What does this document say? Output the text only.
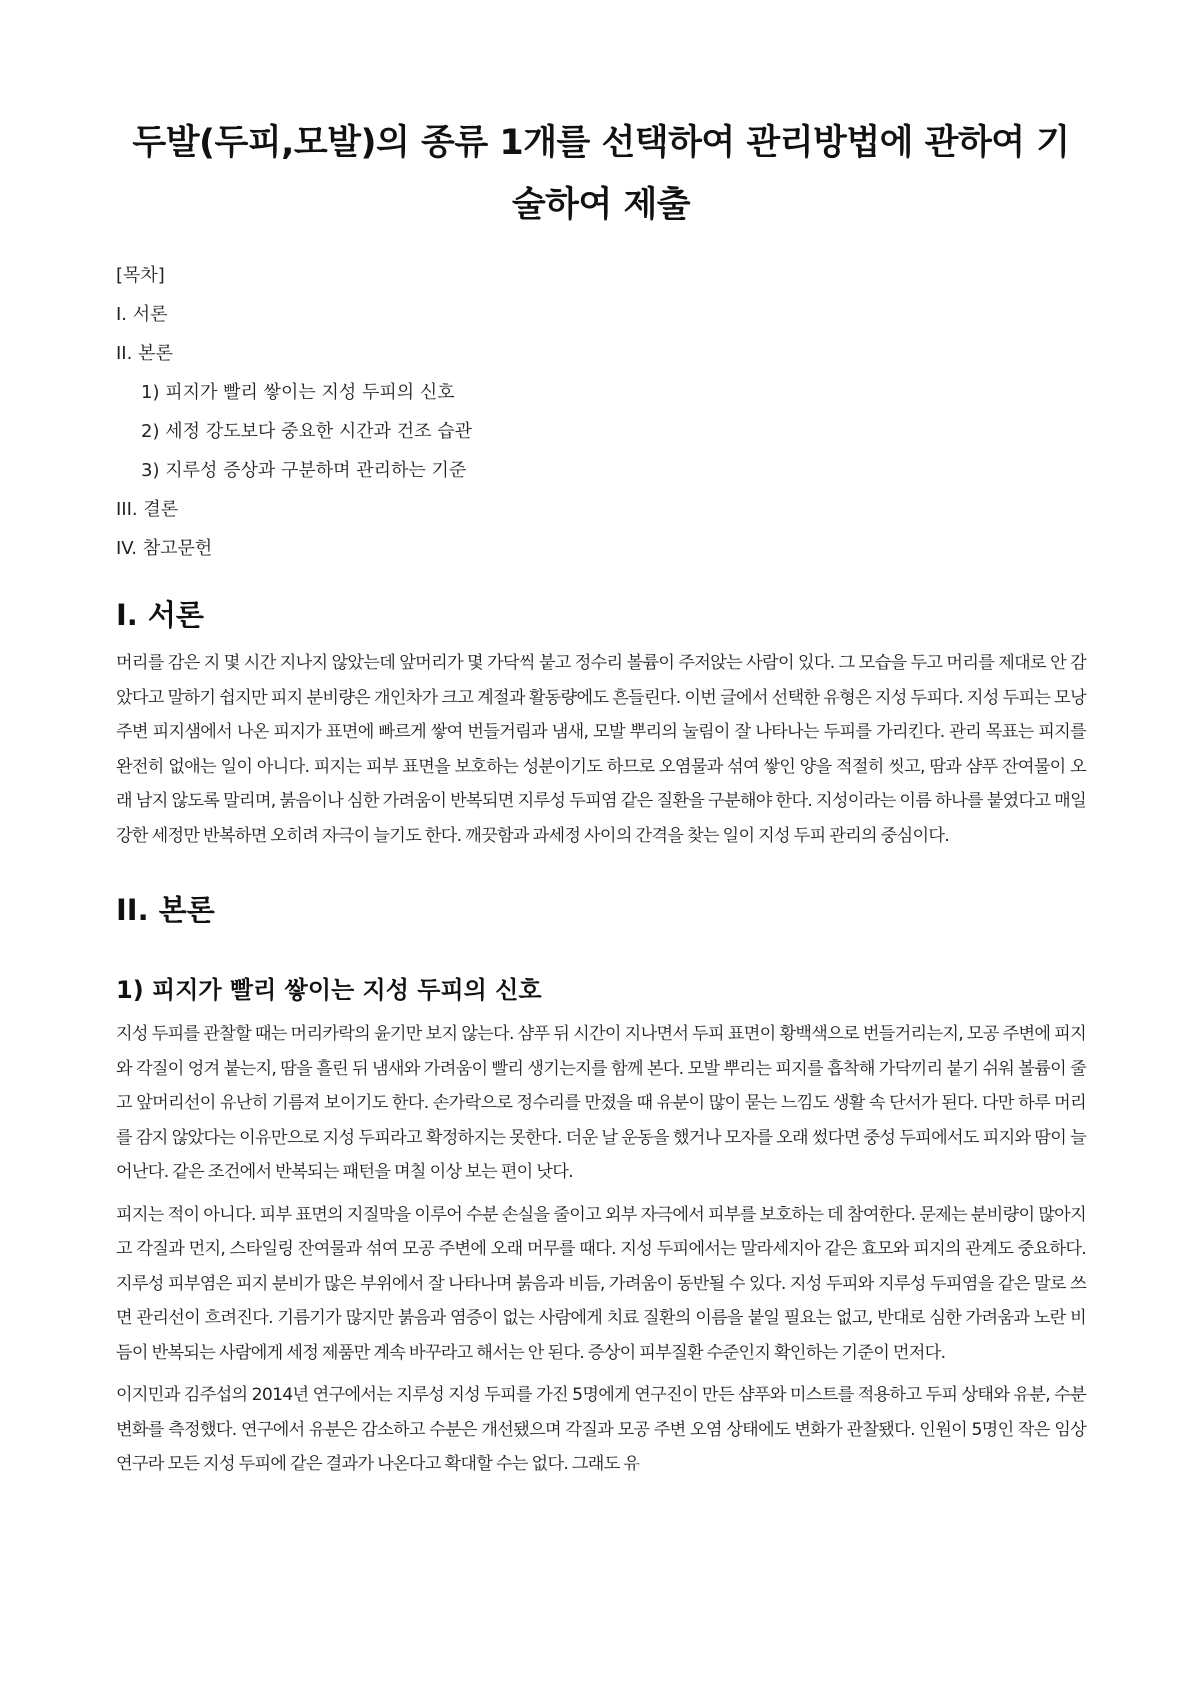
두발(두피,모발)의 종류 1개를 선택하여 관리방법에 관하여 기술하여 제출
[목차]
I. 서론
II. 본론
1) 피지가 빨리 쌓이는 지성 두피의 신호
2) 세정 강도보다 중요한 시간과 건조 습관
3) 지루성 증상과 구분하며 관리하는 기준
III. 결론
IV. 참고문헌
I. 서론

머리를 감은 지 몇 시간 지나지 않았는데 앞머리가 몇 가닥씩 붙고 정수리 볼륨이 주저앉는 사람이 있다. 그 모습을 두고 머리를 제대로 안 감았다고 말하기 쉽지만 피지 분비량은 개인차가 크고 계절과 활동량에도 흔들린다. 이번 글에서 선택한 유형은 지성 두피다. 지성 두피는 모낭 주변 피지샘에서 나온 피지가 표면에 빠르게 쌓여 번들거림과 냄새, 모발 뿌리의 눌림이 잘 나타나는 두피를 가리킨다. 관리 목표는 피지를 완전히 없애는 일이 아니다. 피지는 피부 표면을 보호하는 성분이기도 하므로 오염물과 섞여 쌓인 양을 적절히 씻고, 땀과 샴푸 잔여물이 오래 남지 않도록 말리며, 붉음이나 심한 가려움이 반복되면 지루성 두피염 같은 질환을 구분해야 한다. 지성이라는 이름 하나를 붙였다고 매일 강한 세정만 반복하면 오히려 자극이 늘기도 한다. 깨끗함과 과세정 사이의 간격을 찾는 일이 지성 두피 관리의 중심이다.

II. 본론
1) 피지가 빨리 쌓이는 지성 두피의 신호

지성 두피를 관찰할 때는 머리카락의 윤기만 보지 않는다. 샴푸 뒤 시간이 지나면서 두피 표면이 황백색으로 번들거리는지, 모공 주변에 피지와 각질이 엉겨 붙는지, 땀을 흘린 뒤 냄새와 가려움이 빨리 생기는지를 함께 본다. 모발 뿌리는 피지를 흡착해 가닥끼리 붙기 쉬워 볼륨이 줄고 앞머리선이 유난히 기름져 보이기도 한다. 손가락으로 정수리를 만졌을 때 유분이 많이 묻는 느낌도 생활 속 단서가 된다. 다만 하루 머리를 감지 않았다는 이유만으로 지성 두피라고 확정하지는 못한다. 더운 날 운동을 했거나 모자를 오래 썼다면 중성 두피에서도 피지와 땀이 늘어난다. 같은 조건에서 반복되는 패턴을 며칠 이상 보는 편이 낫다.

피지는 적이 아니다. 피부 표면의 지질막을 이루어 수분 손실을 줄이고 외부 자극에서 피부를 보호하는 데 참여한다. 문제는 분비량이 많아지고 각질과 먼지, 스타일링 잔여물과 섞여 모공 주변에 오래 머무를 때다. 지성 두피에서는 말라세지아 같은 효모와 피지의 관계도 중요하다. 지루성 피부염은 피지 분비가 많은 부위에서 잘 나타나며 붉음과 비듬, 가려움이 동반될 수 있다. 지성 두피와 지루성 두피염을 같은 말로 쓰면 관리선이 흐려진다. 기름기가 많지만 붉음과 염증이 없는 사람에게 치료 질환의 이름을 붙일 필요는 없고, 반대로 심한 가려움과 노란 비듬이 반복되는 사람에게 세정 제품만 계속 바꾸라고 해서는 안 된다. 증상이 피부질환 수준인지 확인하는 기준이 먼저다.

이지민과 김주섭의 2014년 연구에서는 지루성 지성 두피를 가진 5명에게 연구진이 만든 샴푸와 미스트를 적용하고 두피 상태와 유분, 수분 변화를 측정했다. 연구에서 유분은 감소하고 수분은 개선됐으며 각질과 모공 주변 오염 상태에도 변화가 관찰됐다. 인원이 5명인 작은 임상 연구라 모든 지성 두피에 같은 결과가 나온다고 확대할 수는 없다. 그래도 유
